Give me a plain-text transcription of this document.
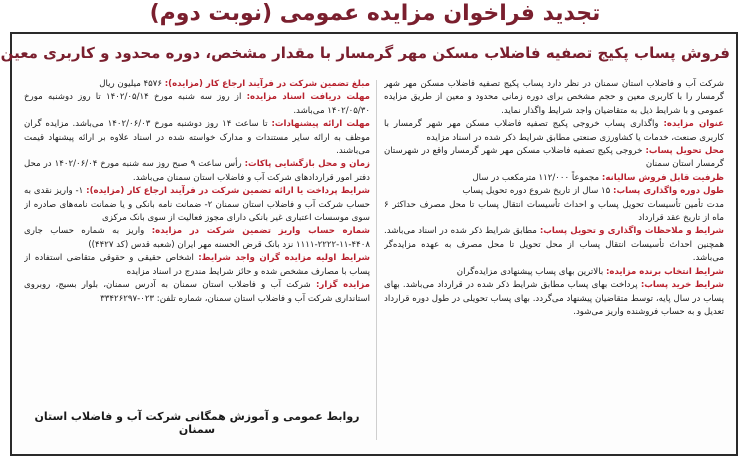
تجدید فراخوان مزایده عمومی (نوبت دوم)
فروش پساب پکیج تصفیه فاضلاب مسکن مهر گرمسار با مقدار مشخص، دوره محدود و کاربری معین

شرکت آب و فاضلاب استان سمنان در نظر دارد پساب پکیج تصفیه فاضلاب مسکن مهر شهر گرمسار را با کاربری معین و حجم مشخص برای دوره زمانی محدود و معین از طریق مزایده عمومی و با شرایط ذیل به متقاضیان واجد شرایط واگذار نماید.

عنوان مزایده: واگذاری پساب خروجی پکیج تصفیه فاضلاب مسکن مهر شهر گرمسار با کاربری صنعت، خدمات یا کشاورزی صنعتی مطابق شرایط ذکر شده در اسناد مزایده

محل تحویل پساب: خروجی پکیج تصفیه فاضلاب مسکن مهر شهر گرمسار واقع در شهرستان گرمسار استان سمنان

ظرفیت قابل فروش سالیانه: مجموعاً ۱۱۲/۰۰۰ مترمکعب در سال

طول دوره واگذاری پساب: ۱۵ سال از تاریخ شروع دوره تحویل پساب

مدت تأمین تأسیسات تحویل پساب و احداث تأسیسات انتقال پساب تا محل مصرف حداکثر ۶ ماه از تاریخ عقد قرارداد

شرایط و ملاحظات واگذاری و تحویل پساب: مطابق شرایط ذکر شده در اسناد می‌باشد. همچنین احداث تأسیسات انتقال پساب از محل تحویل تا محل مصرف به عهده مزایده‌گر می‌باشد.

شرایط انتخاب برنده مزایده: بالاترین بهای پساب پیشنهادی مزایده‌گران

شرایط خرید پساب: پرداخت بهای پساب مطابق شرایط ذکر شده در قرارداد می‌باشد. بهای پساب در سال پایه، توسط متقاضیان پیشنهاد می‌گردد. بهای پساب تحویلی در طول دوره قرارداد تعدیل و به حساب فروشنده واریز می‌شود.

مبلغ تضمین شرکت در فرآیند ارجاع کار (مزایده): ۴۵۷۶ میلیون ریال

مهلت دریافت اسناد مزایده: از روز سه شنبه مورخ ۱۴۰۲/۰۵/۱۴ تا روز دوشنبه مورخ ۱۴۰۲/۰۵/۳۰ می‌باشد.

مهلت ارائه پیشنهادات: تا ساعت ۱۴ روز دوشنبه مورخ ۱۴۰۲/۰۶/۰۳ می‌باشد. مزایده گران موظف به ارائه سایر مستندات و مدارک خواسته شده در اسناد علاوه بر ارائه پیشنهاد قیمت می‌باشند.

زمان و محل بازگشایی پاکات: رأس ساعت ۹ صبح روز سه شنبه مورخ ۱۴۰۲/۰۶/۰۴ در محل دفتر امور قراردادهای شرکت آب و فاضلاب استان سمنان می‌باشد.

شرایط پرداخت یا ارائه تضمین شرکت در فرآیند ارجاع کار (مزایده): ۱- واریز نقدی به حساب شرکت آب و فاضلاب استان سمنان ۲- ضمانت نامه بانکی و یا ضمانت نامه‌های صادره از سوی موسسات اعتباری غیر بانکی دارای مجوز فعالیت از سوی بانک مرکزی

شماره حساب واریز تضمین شرکت در مزایده: واریز به شماره حساب جاری ۴۴۰۸-۱۱-۲۲۲۲-۱۱۱۱ نزد بانک قرض الحسنه مهر ایران (شعبه قدس (کد ۴۴۲۷))

شرایط اولیه مزایده گران واجد شرایط: اشخاص حقیقی و حقوقی متقاضی استفاده از پساب با مصارف مشخص شده و حائز شرایط مندرج در اسناد مزایده

مزایده گزار: شرکت آب و فاضلاب استان سمنان به آدرس سمنان، بلوار بسیج، روبروی استانداری شرکت آب و فاضلاب استان سمنان، شماره تلفن: ۰۲۳-۳۳۴۲۶۲۹۷

روابط عمومی و آموزش همگانی شرکت آب و فاضلاب استان سمنان
